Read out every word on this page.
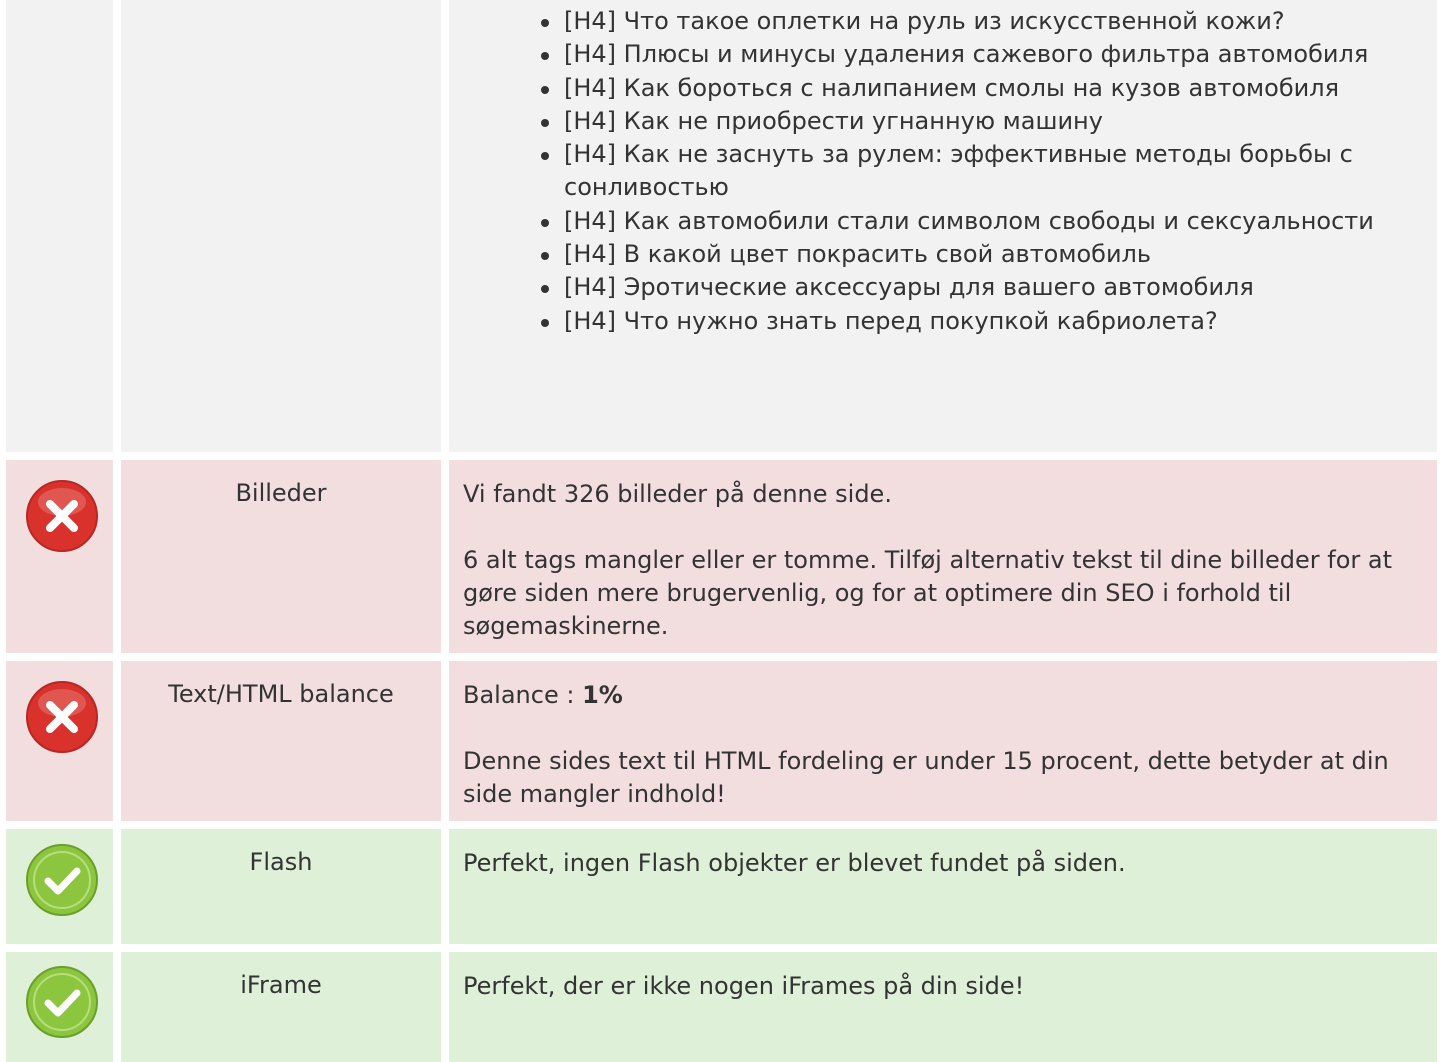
[H4] Что такое оплетки на руль из искусственной кожи?
[H4] Плюсы и минусы удаления сажевого фильтра автомобиля
[H4] Как бороться с налипанием смолы на кузов автомобиля
[H4] Как не приобрести угнанную машину
[H4] Как не заснуть за рулем: эффективные методы борьбы с сонливостью
[H4] Как автомобили стали символом свободы и сексуальности
[H4] В какой цвет покрасить свой автомобиль
[H4] Эротические аксессуары для вашего автомобиля
[H4] Что нужно знать перед покупкой кабриолета?
Billeder	Vi fandt 326 billeder på denne side.

6 alt tags mangler eller er tomme. Tilføj alternativ tekst til dine billeder for at gøre siden mere brugervenlig, og for at optimere din SEO i forhold til søgemaskinerne.

Text/HTML balance	Balance : 1%

Denne sides text til HTML fordeling er under 15 procent, dette betyder at din side mangler indhold!

Flash	Perfekt, ingen Flash objekter er blevet fundet på siden.

iFrame	Perfekt, der er ikke nogen iFrames på din side!
